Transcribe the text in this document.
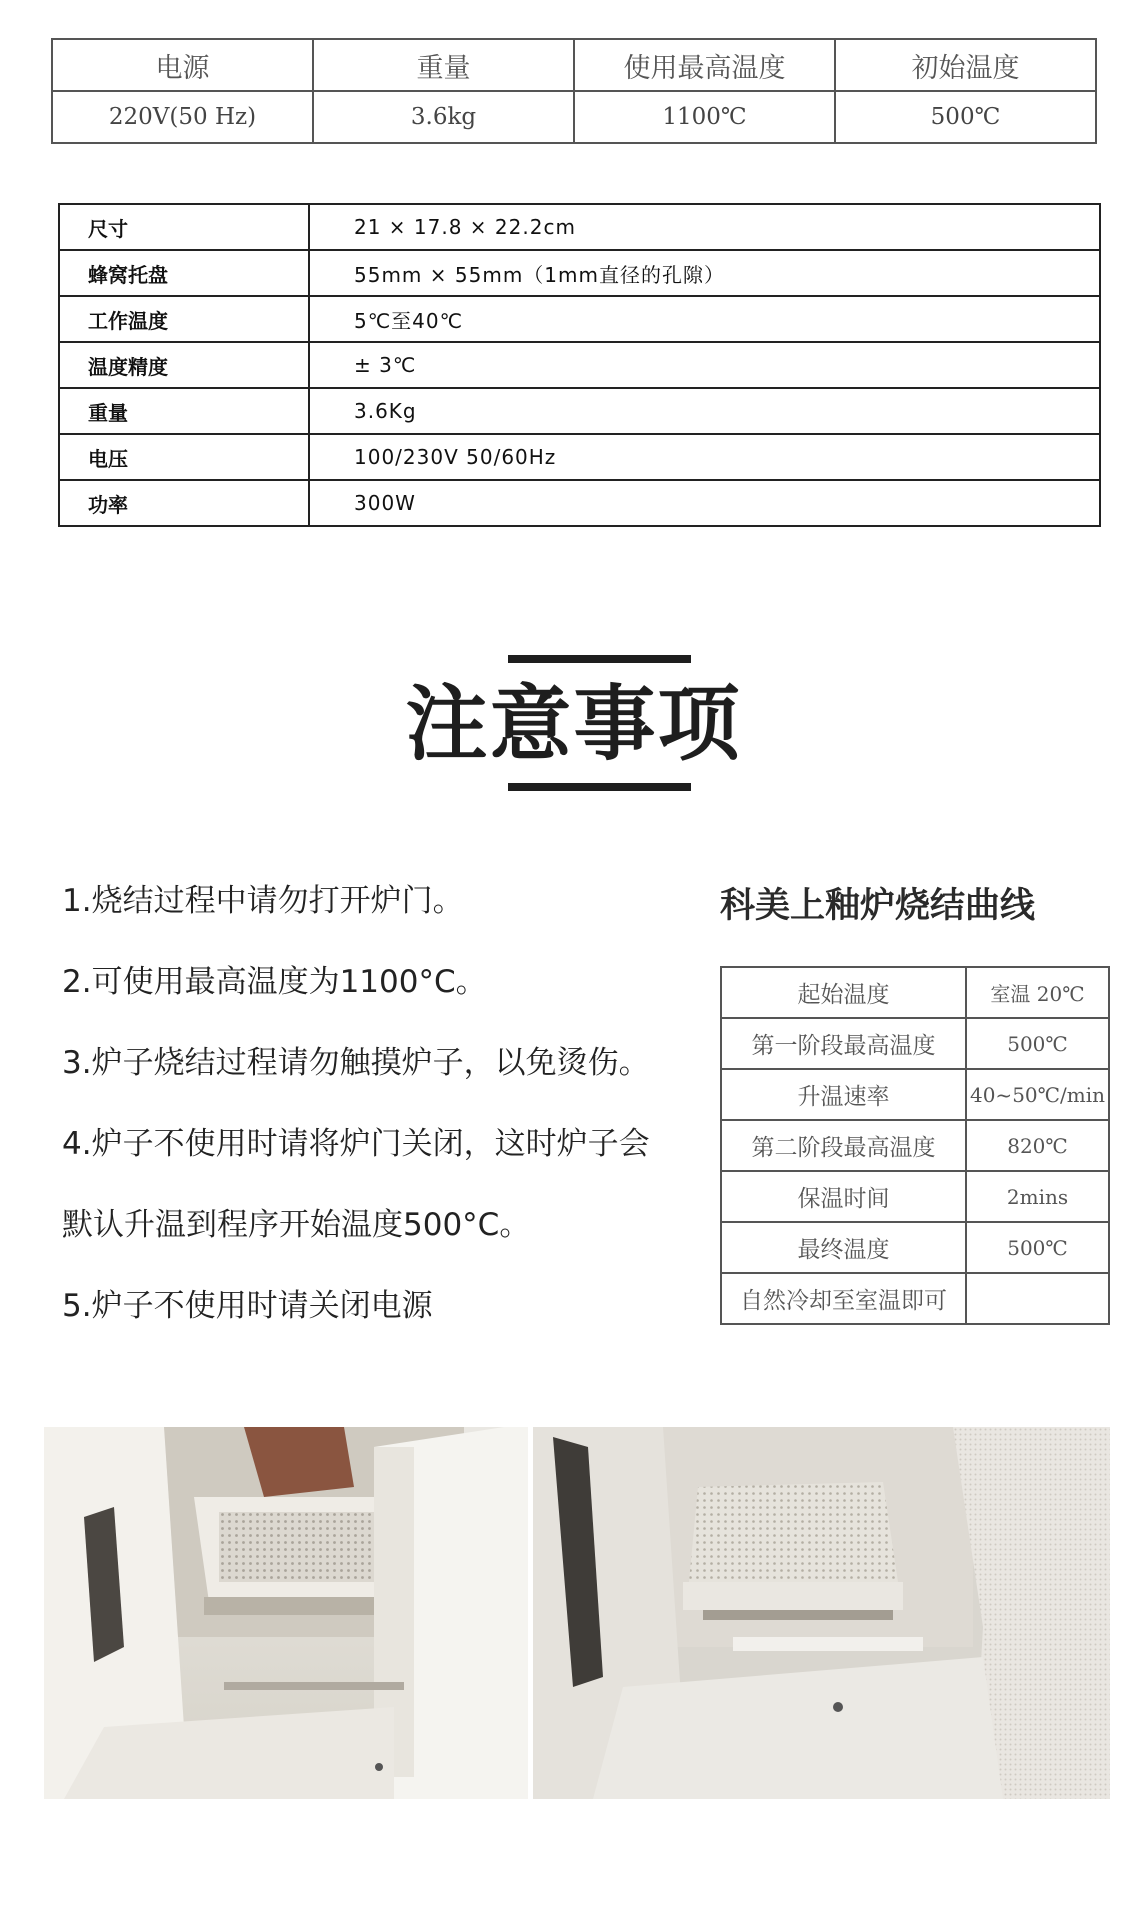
电源	重量	使用最高温度	初始温度
220V(50 Hz)	3.6kg	1100℃	500℃
尺寸	21 × 17.8 × 22.2cm
蜂窝托盘	55mm × 55mm（1mm直径的孔隙）
工作温度	5℃至40℃
温度精度	± 3℃
重量	3.6Kg
电压	100/230V 50/60Hz
功率	300W
注意事项
1.烧结过程中请勿打开炉门。
2.可使用最高温度为1100°C。
3.炉子烧结过程请勿触摸炉子，以免烫伤。
4.炉子不使用时请将炉门关闭，这时炉子会
默认升温到程序开始温度500°C。
5.炉子不使用时请关闭电源
科美上釉炉烧结曲线
起始温度	室温 20℃
第一阶段最高温度	500℃
升温速率	40~50℃/min
第二阶段最高温度	820℃
保温时间	2mins
最终温度	500℃
自然冷却至室温即可	
